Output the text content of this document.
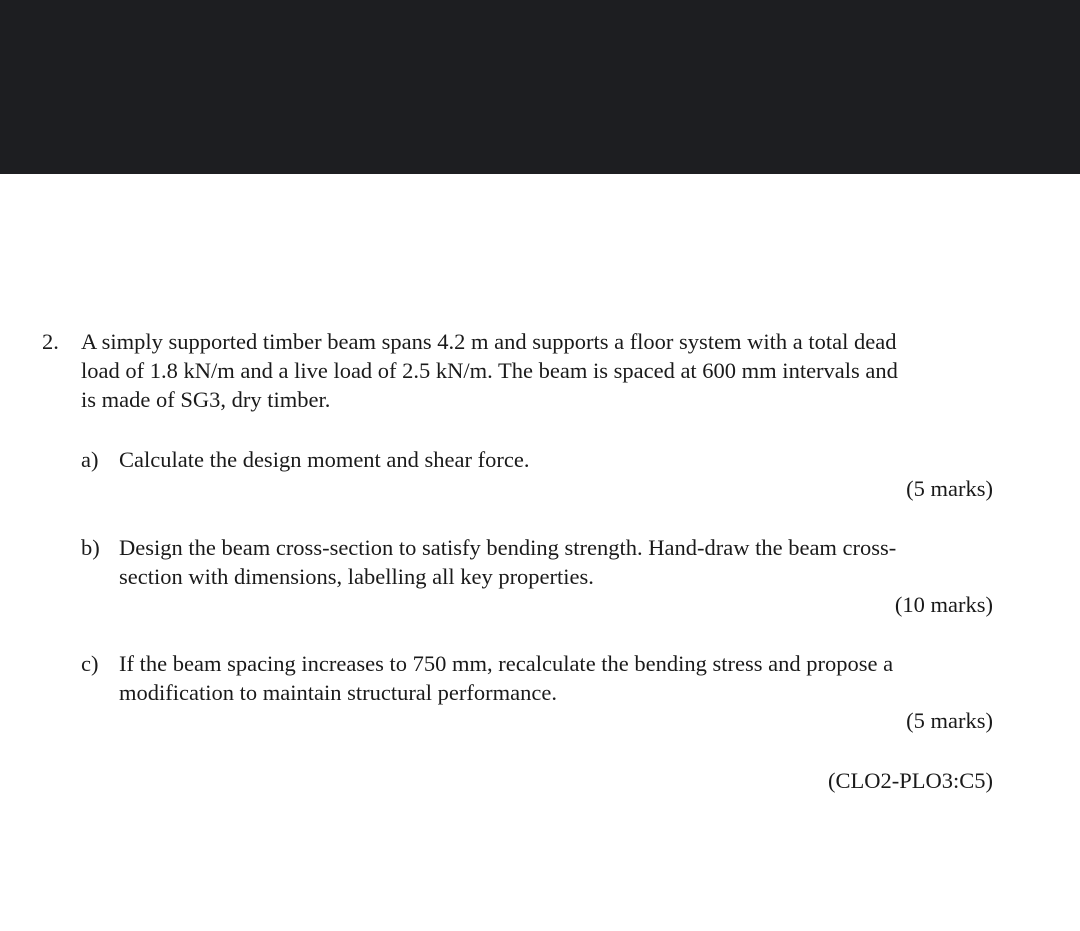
2. A simply supported timber beam spans 4.2 m and supports a floor system with a total dead
load of 1.8 kN/m and a live load of 2.5 kN/m. The beam is spaced at 600 mm intervals and
is made of SG3, dry timber.
a) Calculate the design moment and shear force.
(5 marks)
b) Design the beam cross-section to satisfy bending strength. Hand-draw the beam cross-
section with dimensions, labelling all key properties.
(10 marks)
c) If the beam spacing increases to 750 mm, recalculate the bending stress and propose a
modification to maintain structural performance.
(5 marks)
(CLO2-PLO3:C5)
